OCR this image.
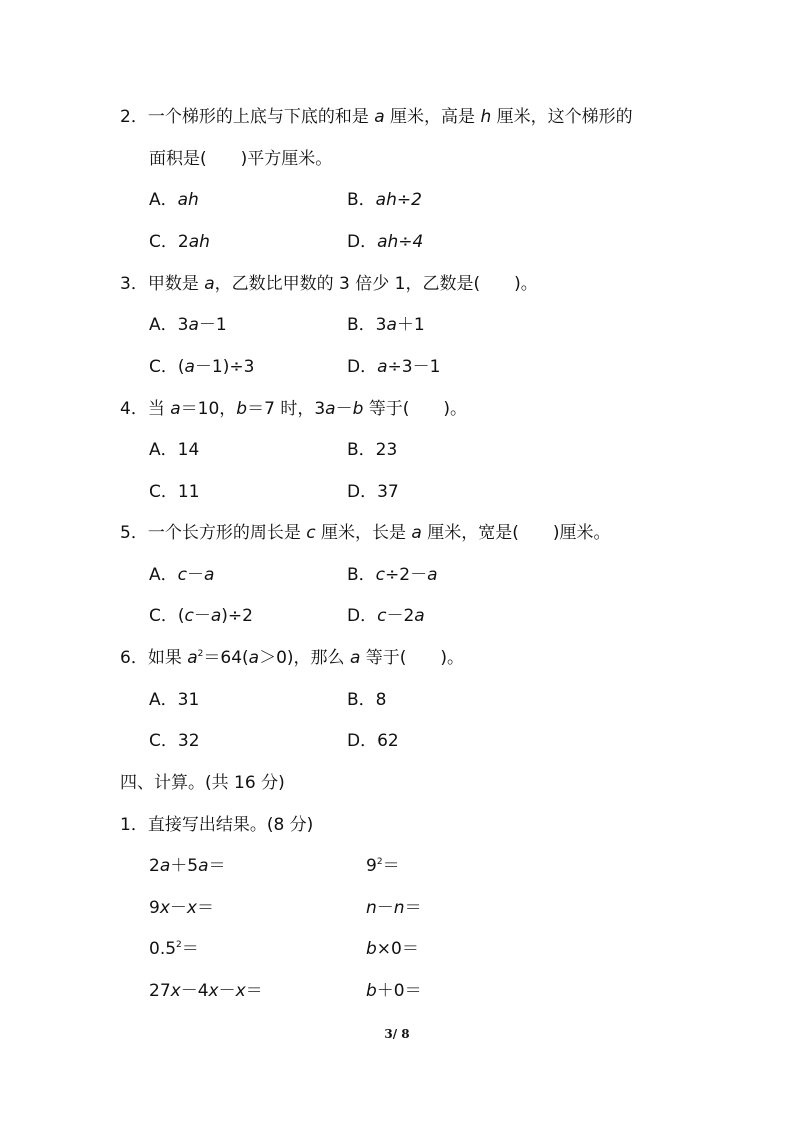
2．一个梯形的上底与下底的和是 a 厘米，高是 h 厘米，这个梯形的
面积是(　　)平方厘米。
A．ah	B．ah÷2
C．2ah	D．ah÷4
3．甲数是 a，乙数比甲数的 3 倍少 1，乙数是(　　)。
A．3a－1	B．3a＋1
C．(a－1)÷3	D．a÷3－1
4．当 a＝10，b＝7 时，3a－b 等于(　　)。
A．14	B．23
C．11	D．37
5．一个长方形的周长是 c 厘米，长是 a 厘米，宽是(　　)厘米。
A．c－a	B．c÷2－a
C．(c－a)÷2	D．c－2a
6．如果 $a^2=64(a>0)$，那么 a 等于(　　)。
A．31	B．8
C．32	D．62
四、计算。(共 16 分)
1．直接写出结果。(8 分)
2a＋5a＝	$9^2=$
9x－x＝	n－n＝
$0.5^2=$	b×0＝
27x－4x－x＝	b＋0＝
3/ 8
